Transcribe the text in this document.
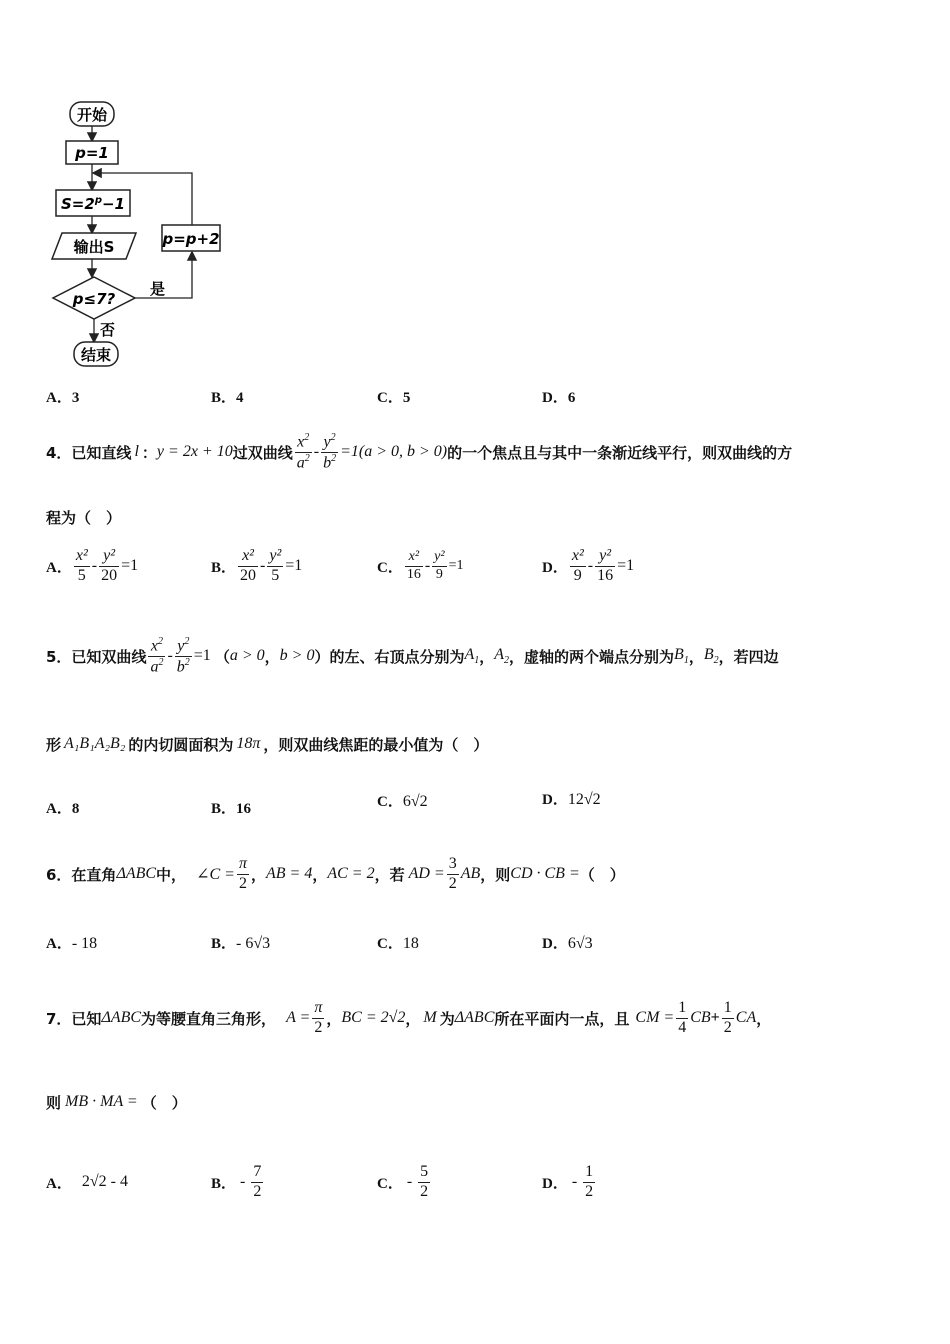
开始
p=1
$S=2^p-1$
输出S
p≤7?
是
p=p+2
否
结束
A．3	B．4	C．5	D．6
4．已知直线 l ： y = 2x + 10 过双曲线 $\frac{x^2}{a^2} - \frac{y^2}{b^2} =1(a > 0$, b > 0) 的一个焦点且与其中一条渐近线平行，则双曲线的方
程为（　）
A． $\frac{\text{x²}}{5} - \frac{\text{y²}}{20} =1$	B． $\frac{\text{x²}}{20} - \frac{\text{y²}}{5} =1$	C． $\frac{\text{x²}}{16} - \frac{\text{y²}}{9} =1$	D． $\frac{\text{x²}}{9} - \frac{\text{y²}}{16} =1$
5．已知双曲线 $\frac{x^2}{a^2} - \frac{y^2}{b^2} =1$ （ a > 0 ， b > 0 ）的左、右顶点分别为 $A_1$ ， $A_2$ ，虚轴的两个端点分别为 $B_1$ ， $B_2$ ，若四边
形 A₁B₁A₂B₂ 的内切圆面积为 18π ，则双曲线焦距的最小值为（　）
A．8	B．16	C．6√2	D．12√2
6．在直角 ΔABC 中， ∠C = $\frac{\pi}{2}$ ， AB = 4 ， AC = 2 ，若 AD = $\frac{3}{2}$ AB ，则 CD · CB = （　）
A．- 18	B．- 6√3	C．18	D．6√3
7．已知 ΔABC 为等腰直角三角形， $A = \frac{\pi}{2}$ ， BC = 2√2 ， M 为 ΔABC 所在平面内一点，且 CM = $\frac{1}{4}$ CB + $\frac{1}{2}$ CA ，
则 MB · MA = （　）
A． 2√2 - 4	B． - $\frac{7}{2}$	C． - $\frac{5}{2}$	D． - $\frac{1}{2}$
